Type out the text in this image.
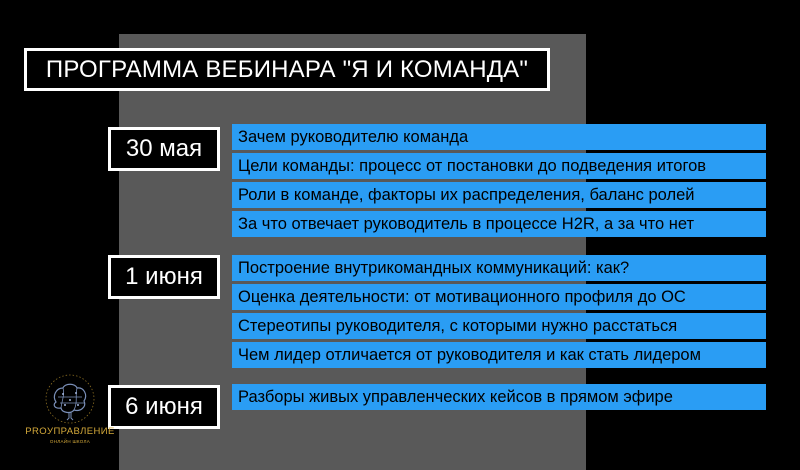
ПРОГРАММА ВЕБИНАРА "Я И КОМАНДА"
30 мая Зачем руководителю команда
Цели команды: процесс от постановки до подведения итогов
Роли в команде, факторы их распределения, баланс ролей
За что отвечает руководитель в процессе H2R, а за что нет
1 июня Построение внутрикомандных коммуникаций: как?
Оценка деятельности: от мотивационного профиля до ОС
Стереотипы руководителя, с которыми нужно расстаться
Чем лидер отличается от руководителя и как стать лидером
6 июня Разборы живых управленческих кейсов в прямом эфире
PROУПРАВЛЕНИЕ
ОНЛАЙН ШКОЛА
